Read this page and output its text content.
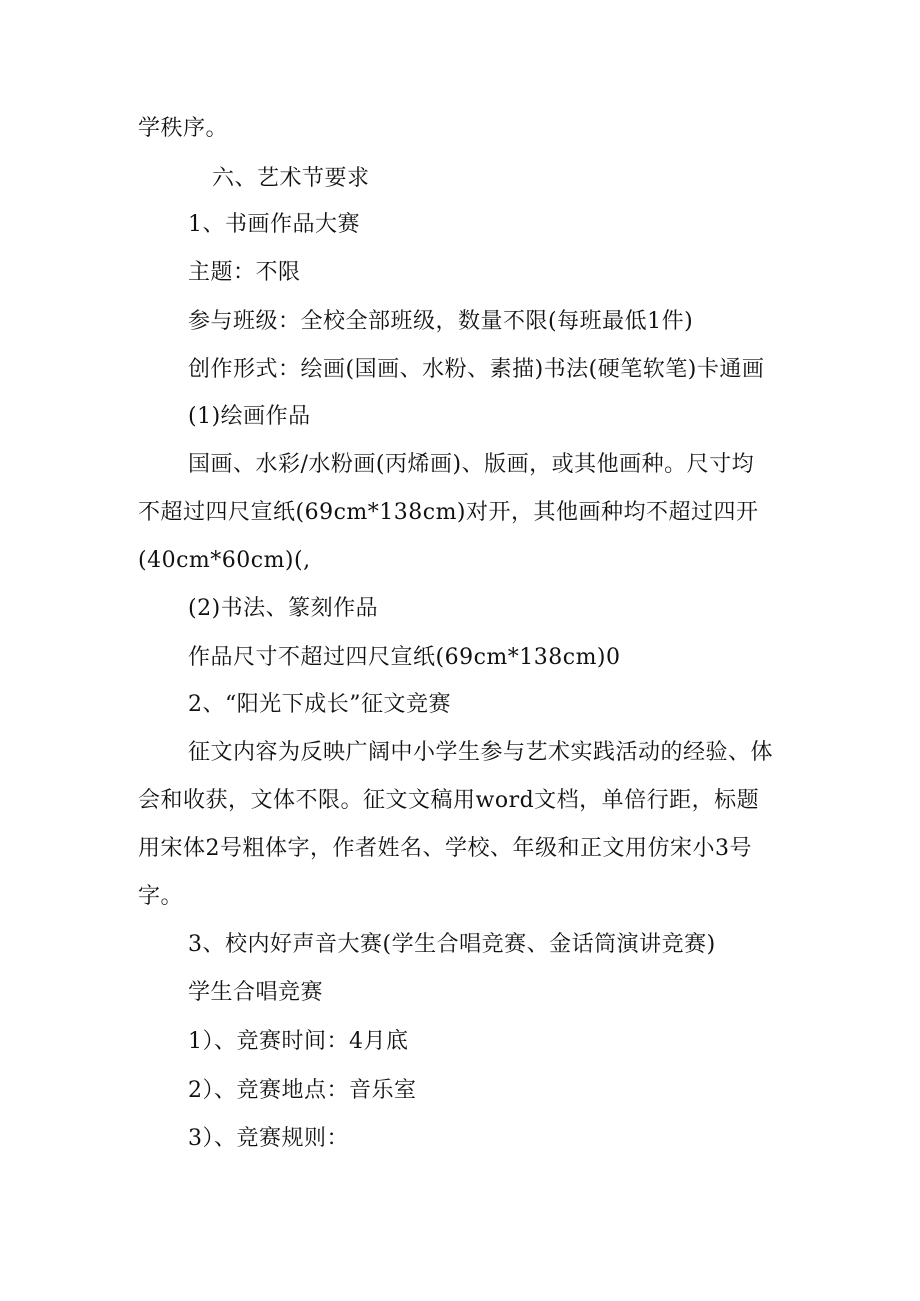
学秩序。
六、艺术节要求
1、书画作品大赛
主题：不限
参与班级：全校全部班级，数量不限(每班最低1件)
创作形式：绘画(国画、水粉、素描)书法(硬笔软笔)卡通画
(1)绘画作品
国画、水彩/水粉画(丙烯画)、版画，或其他画种。尺寸均
不超过四尺宣纸(69cm*138cm)对开，其他画种均不超过四开
(40cm*60cm)(,
(2)书法、篆刻作品
作品尺寸不超过四尺宣纸(69cm*138cm)0
2、“阳光下成长”征文竞赛
征文内容为反映广阔中小学生参与艺术实践活动的经验、体
会和收获，文体不限。征文文稿用word文档，单倍行距，标题
用宋体2号粗体字，作者姓名、学校、年级和正文用仿宋小3号
字。
3、校内好声音大赛(学生合唱竞赛、金话筒演讲竞赛)
学生合唱竞赛
1）、竞赛时间：4月底
2）、竞赛地点：音乐室
3）、竞赛规则：
